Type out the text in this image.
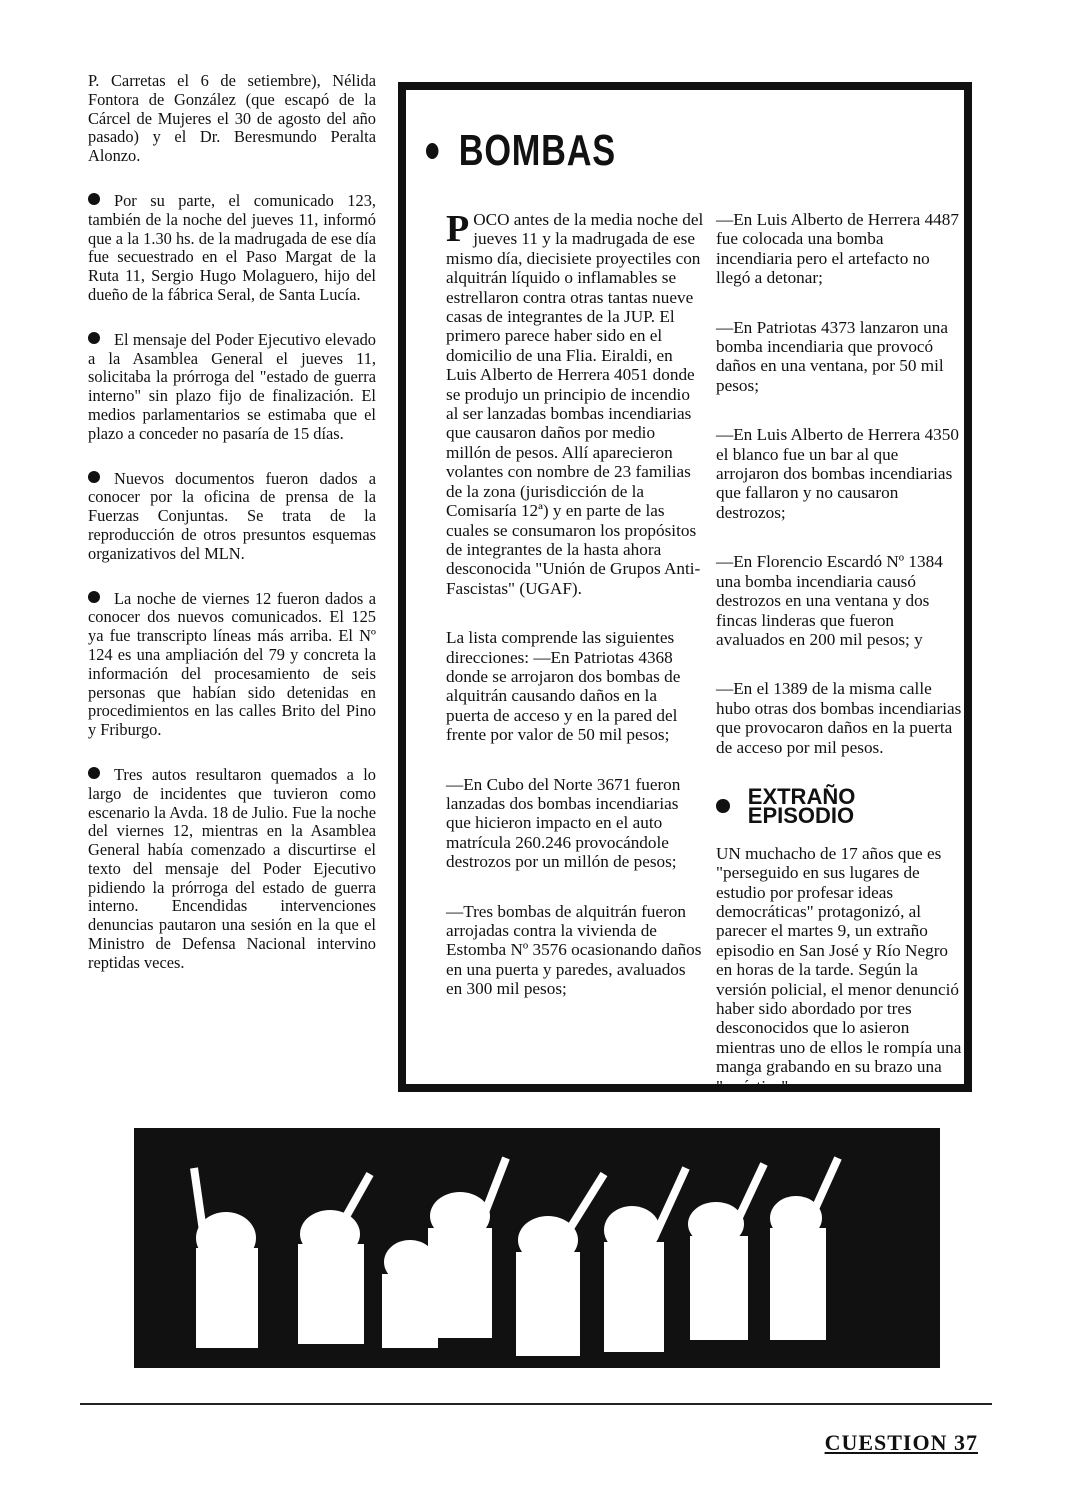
P. Carretas el 6 de setiembre), Nélida Fontora de González (que escapó de la Cárcel de Mujeres el 30 de agosto del año pasado) y el Dr. Beresmundo Peralta Alonzo.

Por su parte, el comunicado 123, también de la noche del jueves 11, informó que a la 1.30 hs. de la madrugada de ese día fue secuestrado en el Paso Margat de la Ruta 11, Sergio Hugo Molaguero, hijo del dueño de la fábrica Seral, de Santa Lucía.

El mensaje del Poder Ejecutivo elevado a la Asamblea General el jueves 11, solicitaba la prórroga del "estado de guerra interno" sin plazo fijo de finalización. El medios parlamentarios se estimaba que el plazo a conceder no pasaría de 15 días.

Nuevos documentos fueron dados a conocer por la oficina de prensa de la Fuerzas Conjuntas. Se trata de la reproducción de otros presuntos esquemas organizativos del MLN.

La noche de viernes 12 fueron dados a conocer dos nuevos comunicados. El 125 ya fue transcripto líneas más arriba. El Nº 124 es una ampliación del 79 y concreta la información del procesamiento de seis personas que habían sido detenidas en procedimientos en las calles Brito del Pino y Friburgo.

Tres autos resultaron quemados a lo largo de incidentes que tuvieron como escenario la Avda. 18 de Julio. Fue la noche del viernes 12, mientras en la Asamblea General había comenzado a discurtirse el texto del mensaje del Poder Ejecutivo pidiendo la prórroga del estado de guerra interno. Encendidas intervenciones denuncias pautaron una sesión en la que el Ministro de Defensa Nacional intervino reptidas veces.

BOMBAS

POCO antes de la media noche del jueves 11 y la madrugada de ese mismo día, diecisiete proyectiles con alquitrán líquido o inflamables se estrellaron contra otras tantas nueve casas de integrantes de la JUP. El primero parece haber sido en el domicilio de una Flia. Eiraldi, en Luis Alberto de Herrera 4051 donde se produjo un principio de incendio al ser lanzadas bombas incendiarias que causaron daños por medio millón de pesos. Allí aparecieron volantes con nombre de 23 familias de la zona (jurisdicción de la Comisaría 12ª) y en parte de las cuales se consumaron los propósitos de integrantes de la hasta ahora desconocida "Unión de Grupos Anti-Fascistas" (UGAF).

La lista comprende las siguientes direcciones: —En Patriotas 4368 donde se arrojaron dos bombas de alquitrán causando daños en la puerta de acceso y en la pared del frente por valor de 50 mil pesos;

—En Cubo del Norte 3671 fueron lanzadas dos bombas incendiarias que hicieron impacto en el auto matrícula 260.246 provocándole destrozos por un millón de pesos;

—Tres bombas de alquitrán fueron arrojadas contra la vivienda de Estomba Nº 3576 ocasionando daños en una puerta y paredes, avaluados en 300 mil pesos;

—En Luis Alberto de Herrera 4487 fue colocada una bomba incendiaria pero el artefacto no llegó a detonar;

—En Patriotas 4373 lanzaron una bomba incendiaria que provocó daños en una ventana, por 50 mil pesos;

—En Luis Alberto de Herrera 4350 el blanco fue un bar al que arrojaron dos bombas incendiarias que fallaron y no causaron destrozos;

—En Florencio Escardó Nº 1384 una bomba incendiaria causó destrozos en una ventana y dos fincas linderas que fueron avaluados en 200 mil pesos; y

—En el 1389 de la misma calle hubo otras dos bombas incendiarias que provocaron daños en la puerta de acceso por mil pesos.

EXTRAÑO EPISODIO

UN muchacho de 17 años que es "perseguido en sus lugares de estudio por profesar ideas democráticas" protagonizó, al parecer el martes 9, un extraño episodio en San José y Río Negro en horas de la tarde. Según la versión policial, el menor denunció haber sido abordado por tres desconocidos que lo asieron mientras uno de ellos le rompía una manga grabando en su brazo una "swástica".

CUESTION 37
